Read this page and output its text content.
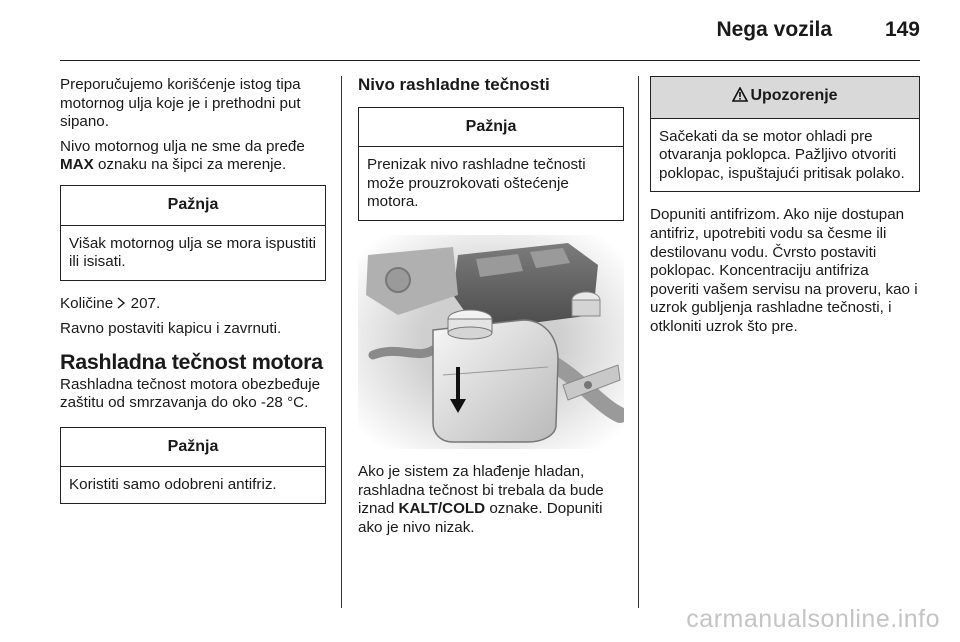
Nega vozila	149

Preporučujemo korišćenje istog tipa motornog ulja koje je i prethodni put sipano.

Nivo motornog ulja ne sme da pređe
MAX oznaku na šipci za merenje.

Pažnja
Višak motornog ulja se mora ispustiti ili isisati.

Količine 207.

Ravno postaviti kapicu i zavrnuti.

Rashladna tečnost motora

Rashladna tečnost motora obezbeđuje zaštitu od smrzavanja do oko -28 °C.

Pažnja
Koristiti samo odobreni antifriz.
Nivo rashladne tečnosti
Pažnja
Prenizak nivo rashladne tečnosti može prouzrokovati oštećenje motora.

Ako je sistem za hlađenje hladan, rashladna tečnost bi trebala da bude iznad KALT/COLD oznake. Dopuniti ako je nivo nizak.

Upozorenje
Sačekati da se motor ohladi pre otvaranja poklopca. Pažljivo otvoriti poklopac, ispuštajući pritisak polako.

Dopuniti antifrizom. Ako nije dostupan antifriz, upotrebiti vodu sa česme ili destilovanu vodu. Čvrsto postaviti poklopac. Koncentraciju antifriza poveriti vašem servisu na proveru, kao i uzrok gubljenja rashladne tečnosti, i otkloniti uzrok što pre.

carmanualsonline.info
